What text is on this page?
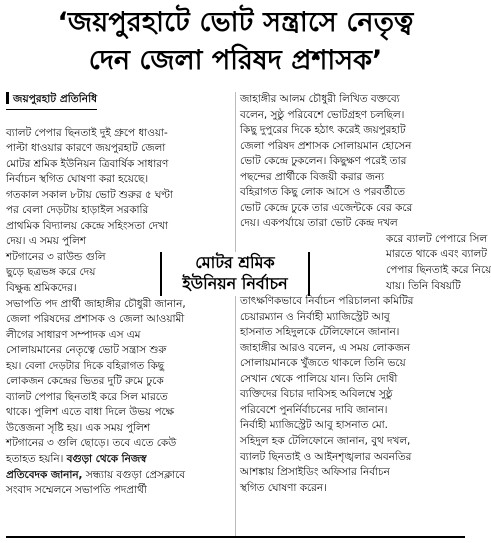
‘জয়পুরহাটে ভোট সন্ত্রাসে নেতৃত্ব
দেন জেলা পরিষদ প্রশাসক’
জয়পুরহাট প্রতিনিধি
ব্যালট পেপার ছিনতাই দুই গ্রুপে ধাওয়া-
পাল্টা ধাওয়ার কারণে জয়পুরহাট জেলা
মোটর শ্রমিক ইউনিয়ন ত্রিবার্ষিক সাধারণ
নির্বাচন স্থগিত ঘোষণা করা হয়েছে।
গতকাল সকাল ৮টায় ভোট শুরুর ৫ ঘণ্টা
পর বেলা দেড়টায় হাড়াইল সরকারি
প্রাথমিক বিদ্যালয় কেন্দ্রে সহিংসতা দেখা
দেয়। এ সময় পুলিশ
শটগানের ৩ রাউন্ড গুলি
ছুড়ে ছত্রভঙ্গ করে দেয়
বিক্ষুব্ধ শ্রমিকদের।
সভাপতি পদ প্রার্থী জাহাঙ্গীর চৌধুরী জানান,
জেলা পরিষদের প্রশাসক ও জেলা আওয়ামী
লীগের সাধারণ সম্পাদক এস এম
সোলায়মানের নেতৃত্বে ভোট সন্ত্রাস শুরু
হয়। বেলা দেড়টার দিকে বহিরাগত কিছু
লোকজন কেন্দ্রের ভিতর দুটি রুমে ঢুকে
ব্যালট পেপার ছিনতাই করে সিল মারতে
থাকে। পুলিশ এতে বাধা দিলে উভয় পক্ষে
উত্তেজনা সৃষ্টি হয়। এক সময় পুলিশ
শটগানের ৩ গুলি ছোড়ে। তবে এতে কেউ
হতাহত হয়নি। বগুড়া থেকে নিজস্ব
প্রতিবেদক জানান, সন্ধ্যায় বগুড়া প্রেসক্লাবে
সংবাদ সম্মেলনে সভাপতি পদপ্রার্থী
মোটর শ্রমিক
ইউনিয়ন নির্বাচন
জাহাঙ্গীর আলম চৌধুরী লিখিত বক্তব্যে
বলেন, সুষ্ঠু পরিবেশে ভোটগ্রহণ চলছিল।
কিছু দুপুরের দিকে হঠাৎ করেই জয়পুরহাট
জেলা পরিষদ প্রশাসক সোলায়মান হোসেন
ভোট কেন্দ্রে ঢুকলেন। কিছুক্ষণ পরেই তার
পছন্দের প্রার্থীকে বিজয়ী করার জন্য
বহিরাগত কিছু লোক আসে ও পরবর্তীতে
ভোট কেন্দ্রে ঢুকে তার এজেন্টকে বের করে
দেয়। একপর্যায়ে তারা ভোট কেন্দ্র দখল
করে ব্যালট পেপারে সিল
মারতে থাকে এবং ব্যালট
পেপার ছিনতাই করে নিয়ে
যায়। তিনি বিষয়টি
তাৎক্ষণিকভাবে নির্বাচন পরিচালনা কমিটির
চেয়ারম্যান ও নির্বাহী ম্যাজিস্ট্রেট আবু
হাসনাত সহিদুলকে টেলিফোনে জানান।
জাহাঙ্গীর আরও বলেন, এ সময় লোকজন
সোলায়মানকে খুঁজতে থাকলে তিনি ভয়ে
সেখান থেকে পালিয়ে যান। তিনি দোষী
ব্যক্তিদের বিচার দাবিসহ অবিলম্বে সুষ্ঠু
পরিবেশে পুনর্নির্বাচনের দাবি জানান।
নির্বাহী ম্যাজিস্ট্রেট আবু হাসনাত মো.
সহিদুল হক টেলিফোনে জানান, বুথ দখল,
ব্যালট ছিনতাই ও আইনশৃঙ্খলার অবনতির
আশঙ্কায় প্রিসাইডিং অফিসার নির্বাচন
স্থগিত ঘোষণা করেন।
